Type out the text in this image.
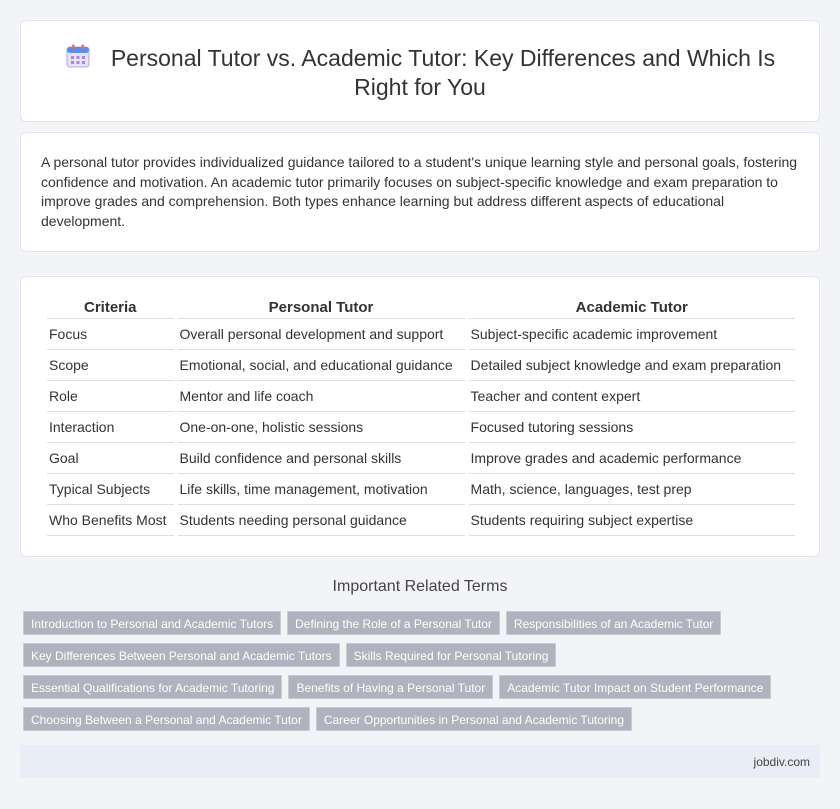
Personal Tutor vs. Academic Tutor: Key Differences and Which Is Right for You

A personal tutor provides individualized guidance tailored to a student's unique learning style and personal goals, fostering confidence and motivation. An academic tutor primarily focuses on subject-specific knowledge and exam preparation to improve grades and comprehension. Both types enhance learning but address different aspects of educational development.

Criteria	Personal Tutor	Academic Tutor
Focus	Overall personal development and support	Subject-specific academic improvement
Scope	Emotional, social, and educational guidance	Detailed subject knowledge and exam preparation
Role	Mentor and life coach	Teacher and content expert
Interaction	One-on-one, holistic sessions	Focused tutoring sessions
Goal	Build confidence and personal skills	Improve grades and academic performance
Typical Subjects	Life skills, time management, motivation	Math, science, languages, test prep
Who Benefits Most	Students needing personal guidance	Students requiring subject expertise
Important Related Terms
Introduction to Personal and Academic Tutors Defining the Role of a Personal Tutor Responsibilities of an Academic Tutor
Key Differences Between Personal and Academic Tutors Skills Required for Personal Tutoring
Essential Qualifications for Academic Tutoring Benefits of Having a Personal Tutor Academic Tutor Impact on Student Performance
Choosing Between a Personal and Academic Tutor Career Opportunities in Personal and Academic Tutoring
jobdiv.com
